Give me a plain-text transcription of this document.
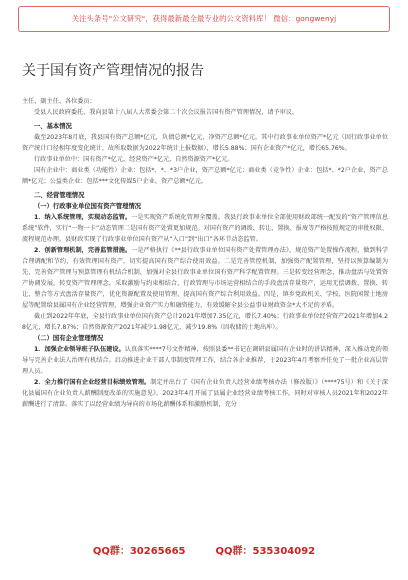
关注头条号"公文研究"，获得最新最全最专业的公文资料库！ 微信：gongwenyj
关于国有资产管理情况的报告

主任、副主任、各位委员：

受县人民政府委托，我向县第十八届人大常委会第二十次会议报告国有资产管理情况，请予审议。

一、基本情况

截至2023年8月底，我县国有资产总额*亿元，负债总额*亿元，净资产总额*亿元。其中行政事业单位资产*亿元（因行政事业单位资产统计口径相年度变化统计，故所取数据为2022年统计上报数据），增长5.88%；国有企业资产*亿元，增长65.76%。

行政事业单位中：国有资产*亿元，经营资产*亿元，自然资源资产*亿元。

国有企业中：商业类（功能性）企业：包括*、*、*3户企业，资产总额*亿元；商业类（竞争性）企业：包括*、*2户企业，资产总额*亿元；公益类企业：包括***文化传媒5户企业，资产总额*亿元。

二、经营管理情况

（一）行政事业单位国有资产管理情况

1．纳入系统管理，实现动态监管。一是实现资产系统化管理全覆盖。我县行政事业单位全部使用财政部统一配发的“资产管理信息系统”软件，实行“一物一卡”动态管理二是国有资产处置更加规范。对国有资产的调拨、转让、置换、报废等严格按照规定的审批权限、流程规范办理。县财政实现了行政事业单位国有资产从“入口”到“出口”各环节动态监管。

2．创新管理机制，完善监管措施。一是严格执行《**县行政事业单位国有资产处置管理办法》，规范资产处置操作流程，做到科学合理调配和节约，有效管理国有资产，切实提高国有资产综合使用效益。二是完善管控机制，加强资产配置管理，坚持以预算编制为先，完善资产管理与预算管理有机结合机制，加强对全县行政事业单位国有资产科学配置管理。三是转变经营理念，推动盘活与处置资产协调发展，转变资产管理理念，采取激励与约束相结合，行政管理与市场运营相结合的手段盘活存量资产，运用无偿调拨、置换、转让、整合等方式盘活存量资产，优化资源配置及使用管理，提高国有资产综合利用效益。四是，镇乡党政机关、学校、医院闲置土地房屋等配置给县属国有企业经营管理，增强企业资产实力和融资能力，有效缓解全县公益事业财政资金*大不足的矛盾。

截止到2022年年底，全县行政事业单位国有资产总计2021年增加7.35亿元，增长7.40%；行政事业单位经营资产2021年增加4.28亿元，增长7.87%；自然资源资产2021年减少1.98亿元，减少19.8%（因收储的土地出库）。

（二）国有企业管理情况

1．加强企业领导班子队伍建设。认真落实****7号文件精神，按照县委**书记在调研县属国有企业时的讲话精神，深入推动党的领导与完善企业法人治理有机结合。启动推进企业干部人事制度管理工作，结合各企业推荐，于2023年4月考察并任免了一批企业高层管理人员。

2．全力推行国有企业经营目标绩效管理。制定并出台了《国有企业负责人经营业绩考核办法（修改版）》（****75号）和《关于深化县属国有企业负责人薪酬制度改革的实施意见》。2023年4月开展了县属企业经营业绩考核工作，同时对审核人员2021年和2022年薪酬进行了清算。落实了以经营业绩为导向的市场化薪酬体系和激励机制，充分

QQ群：30265665	QQ群：535304092
